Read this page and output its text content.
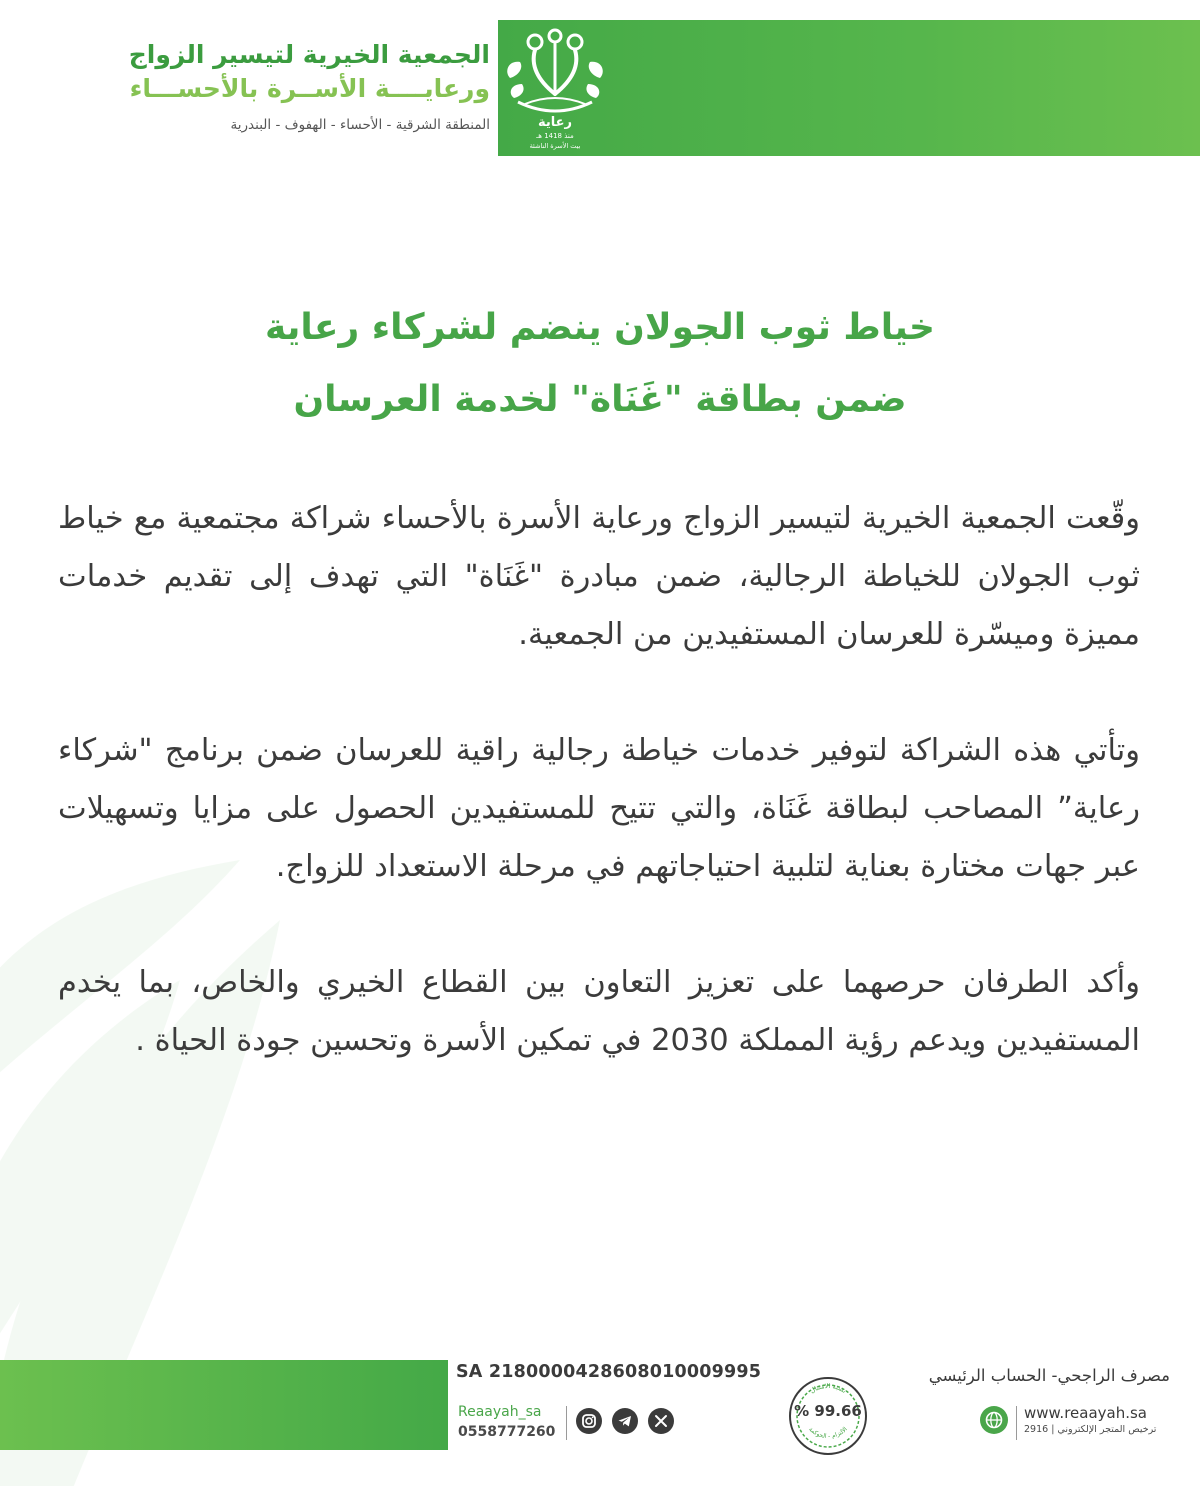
رعاية
منذ 1418 هـ
بيت الأسرة الناشئة
الجمعية الخيرية لتيسير الزواج
ورعايــــة الأســرة بالأحســـاء
المنطقة الشرقية - الأحساء - الهفوف - البندرية
خياط ثوب الجولان ينضم لشركاء رعاية
ضمن بطاقة "غَنَاة" لخدمة العرسان

وقّعت الجمعية الخيرية لتيسير الزواج ورعاية الأسرة بالأحساء شراكة مجتمعية مع خياط ثوب الجولان للخياطة الرجالية، ضمن مبادرة "غَنَاة" التي تهدف إلى تقديم خدمات مميزة وميسّرة للعرسان المستفيدين من الجمعية.

وتأتي هذه الشراكة لتوفير خدمات خياطة رجالية راقية للعرسان ضمن برنامج "شركاء رعاية” المصاحب لبطاقة غَنَاة، والتي تتيح للمستفيدين الحصول على مزايا وتسهيلات عبر جهات مختارة بعناية لتلبية احتياجاتهم في مرحلة الاستعداد للزواج.

وأكد الطرفان حرصهما على تعزيز التعاون بين القطاع الخيري والخاص، بما يخدم المستفيدين ويدعم رؤية المملكة 2030 في تمكين الأسرة وتحسين جودة الحياة .

SA 2180000428608010009995
Reaayah_sa
0558777260
نسبة الامتثال
الالتزام - الحوكمة
% 99.66
مصرف الراجحي- الحساب الرئيسي
www.reaayah.sa
ترخيص المتجر الإلكتروني | 2916
